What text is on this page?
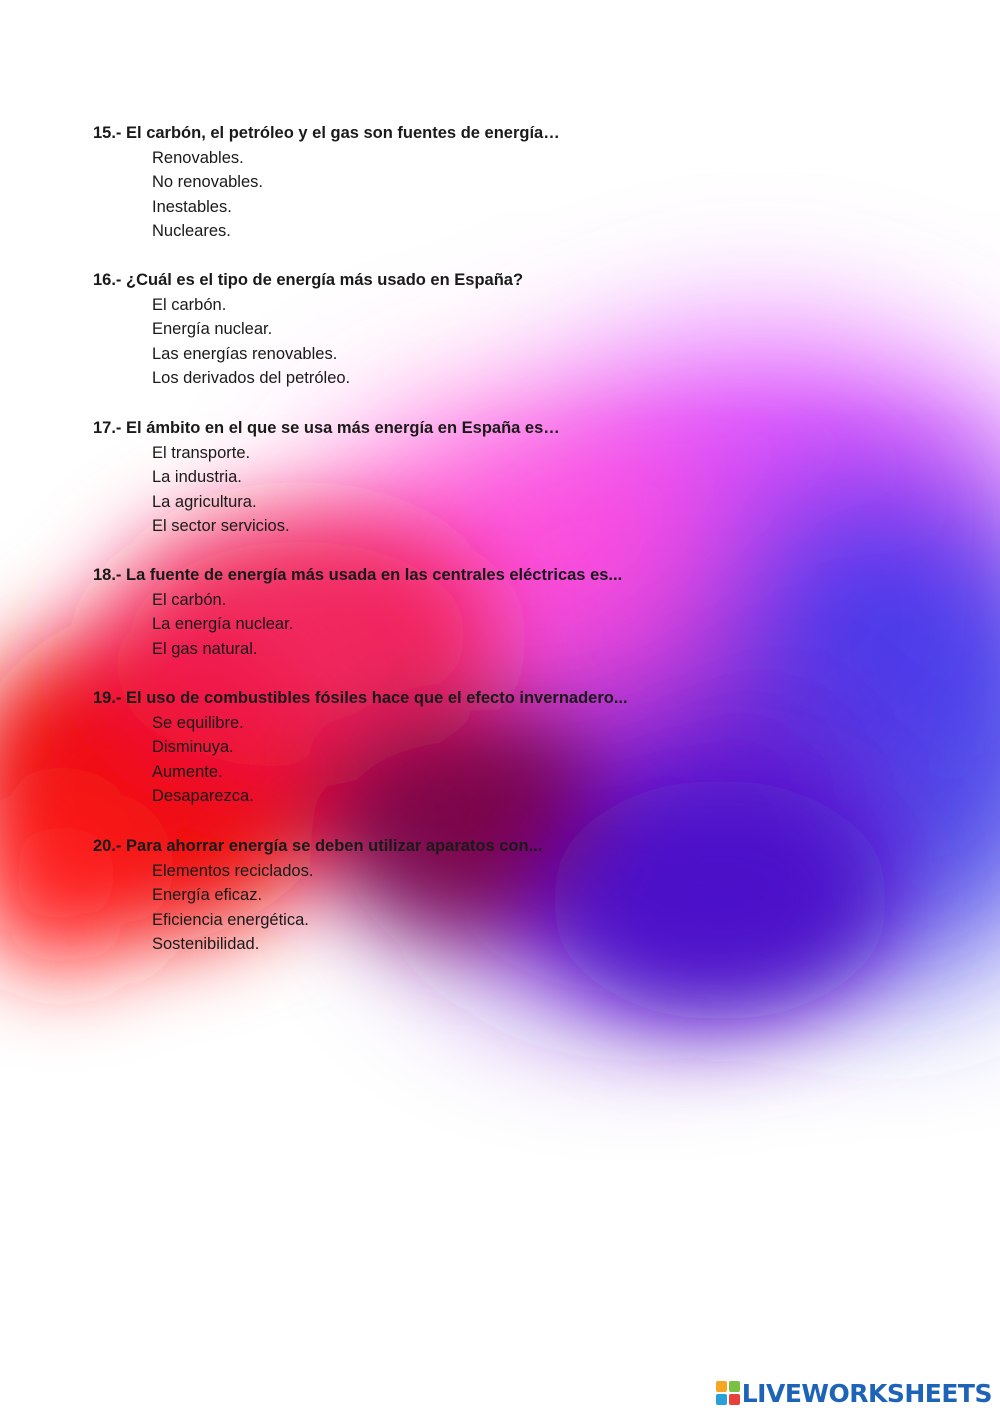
15.- El carbón, el petróleo y el gas son fuentes de energía…
Renovables.
No renovables.
Inestables.
Nucleares.
16.- ¿Cuál es el tipo de energía más usado en España?
El carbón.
Energía nuclear.
Las energías renovables.
Los derivados del petróleo.
17.- El ámbito en el que se usa más energía en España es…
El transporte.
La industria.
La agricultura.
El sector servicios.
18.- La fuente de energía más usada en las centrales eléctricas es...
El carbón.
La energía nuclear.
El gas natural.
19.- El uso de combustibles fósiles hace que el efecto invernadero...
Se equilibre.
Disminuya.
Aumente.
Desaparezca.
20.- Para ahorrar energía se deben utilizar aparatos con...
Elementos reciclados.
Energía eficaz.
Eficiencia energética.
Sostenibilidad.
LIVEWORKSHEETS
